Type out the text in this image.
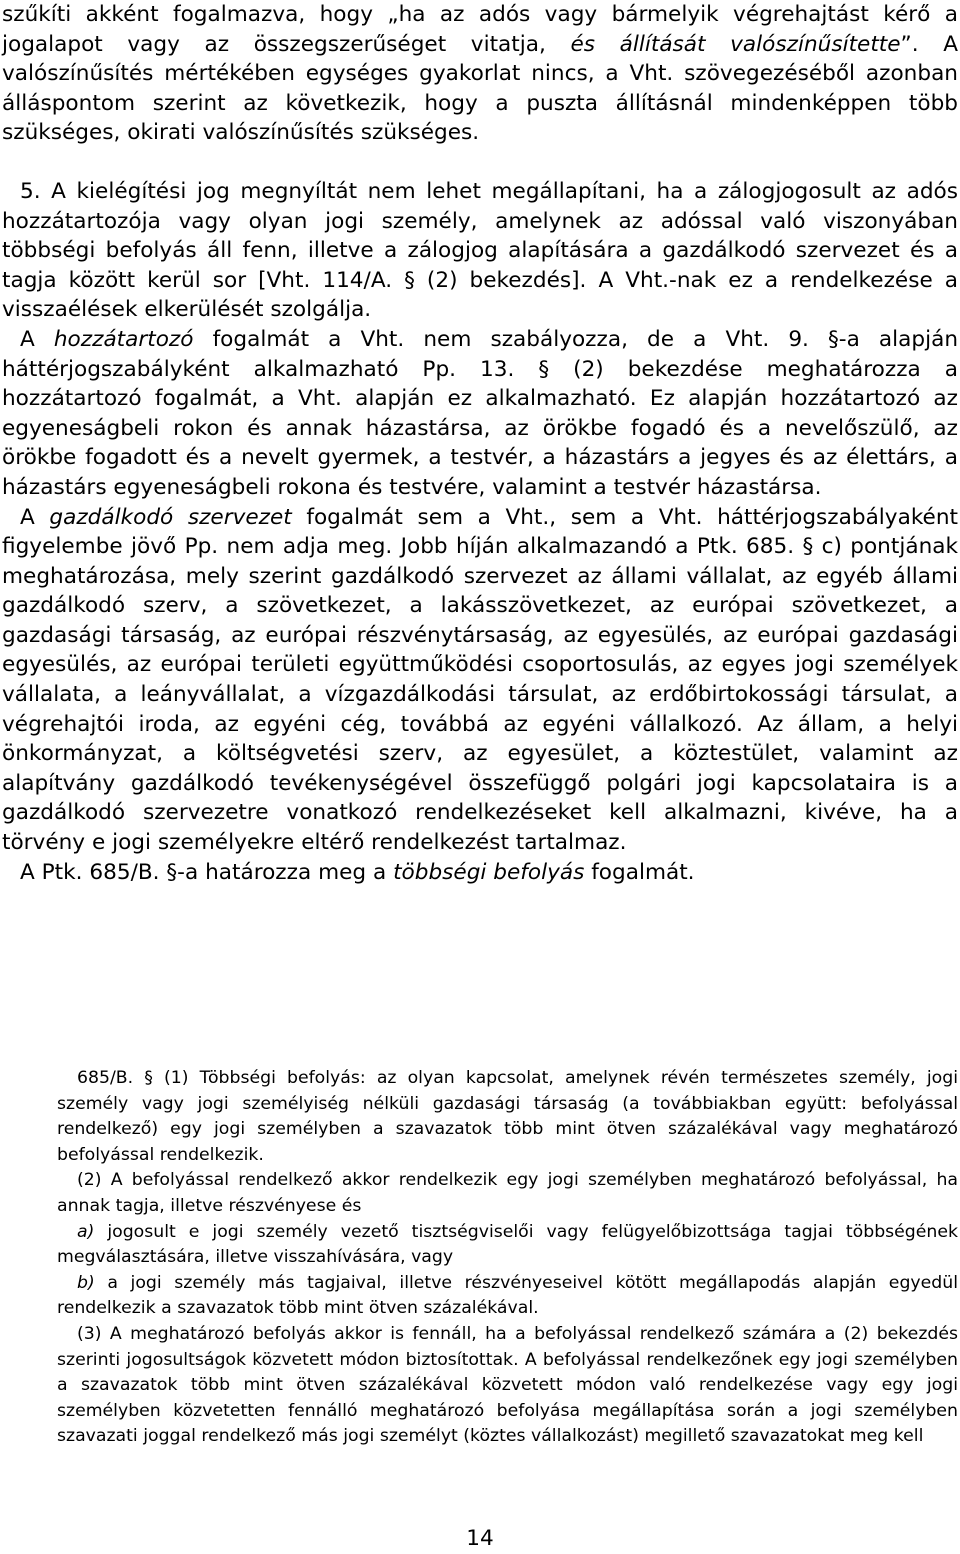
szűkíti akként fogalmazva, hogy „ha az adós vagy bármelyik végrehajtást kérő a jogalapot vagy az összegszerűséget vitatja, és állítását valószínűsítette”. A valószínűsítés mértékében egységes gyakorlat nincs, a Vht. szövegezéséből azonban álláspontom szerint az következik, hogy a puszta állításnál mindenképpen több szükséges, okirati valószínűsítés szükséges.

5. A kielégítési jog megnyíltát nem lehet megállapítani, ha a zálogjogosult az adós hozzátartozója vagy olyan jogi személy, amelynek az adóssal való viszonyában többségi befolyás áll fenn, illetve a zálogjog alapítására a gazdálkodó szervezet és a tagja között kerül sor [Vht. 114/A. § (2) bekezdés]. A Vht.-nak ez a rendelkezése a visszaélések elkerülését szolgálja.

A hozzátartozó fogalmát a Vht. nem szabályozza, de a Vht. 9. §-a alapján háttérjogszabályként alkalmazható Pp. 13. § (2) bekezdése meghatározza a hozzátartozó fogalmát, a Vht. alapján ez alkalmazható. Ez alapján hozzátartozó az egyeneságbeli rokon és annak házastársa, az örökbe fogadó és a nevelőszülő, az örökbe fogadott és a nevelt gyermek, a testvér, a házastárs a jegyes és az élettárs, a házastárs egyeneságbeli rokona és testvére, valamint a testvér házastársa.

A gazdálkodó szervezet fogalmát sem a Vht., sem a Vht. háttérjogszabályaként figyelembe jövő Pp. nem adja meg. Jobb híján alkalmazandó a Ptk. 685. § c) pontjának meghatározása, mely szerint gazdálkodó szervezet az állami vállalat, az egyéb állami gazdálkodó szerv, a szövetkezet, a lakásszövetkezet, az európai szövetkezet, a gazdasági társaság, az európai részvénytársaság, az egyesülés, az európai gazdasági egyesülés, az európai területi együttműködési csoportosulás, az egyes jogi személyek vállalata, a leányvállalat, a vízgazdálkodási társulat, az erdőbirtokossági társulat, a végrehajtói iroda, az egyéni cég, továbbá az egyéni vállalkozó. Az állam, a helyi önkormányzat, a költségvetési szerv, az egyesület, a köztestület, valamint az alapítvány gazdálkodó tevékenységével összefüggő polgári jogi kapcsolataira is a gazdálkodó szervezetre vonatkozó rendelkezéseket kell alkalmazni, kivéve, ha a törvény e jogi személyekre eltérő rendelkezést tartalmaz.

A Ptk. 685/B. §-a határozza meg a többségi befolyás fogalmát.

685/B. § (1) Többségi befolyás: az olyan kapcsolat, amelynek révén természetes személy, jogi személy vagy jogi személyiség nélküli gazdasági társaság (a továbbiakban együtt: befolyással rendelkező) egy jogi személyben a szavazatok több mint ötven százalékával vagy meghatározó befolyással rendelkezik.

(2) A befolyással rendelkező akkor rendelkezik egy jogi személyben meghatározó befolyással, ha annak tagja, illetve részvényese és

a) jogosult e jogi személy vezető tisztségviselői vagy felügyelőbizottsága tagjai többségének megválasztására, illetve visszahívására, vagy

b) a jogi személy más tagjaival, illetve részvényeseivel kötött megállapodás alapján egyedül rendelkezik a szavazatok több mint ötven százalékával.

(3) A meghatározó befolyás akkor is fennáll, ha a befolyással rendelkező számára a (2) bekezdés szerinti jogosultságok közvetett módon biztosítottak. A befolyással rendelkezőnek egy jogi személyben a szavazatok több mint ötven százalékával közvetett módon való rendelkezése vagy egy jogi személyben közvetetten fennálló meghatározó befolyása megállapítása során a jogi személyben szavazati joggal rendelkező más jogi személyt (köztes vállalkozást) megillető szavazatokat meg kell

14
